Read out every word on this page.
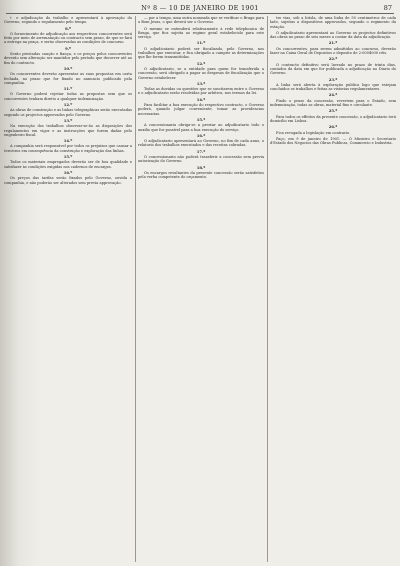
Nº 8 — 10 DE JANEIRO DE 1901	87

† e adjudicação do trabalho e apresentará à aprovação do Governo, segundo o regulamento pelo tempo.

8.º

O fornecimento de adjudicação aos respectivos concorrentes será feito por meio de arrematação ou contracto sem prazo, de que se fará a entrega na praça, e serão observadas as condições de concurso.

9.º

Serão prestadas caução e fiança, e os preços pelos concorrentes deverão sem alteração ser mantidos pelo período que decorrer até ao fim do contracto.

10.º

Os concorrentes deverão apresentar as suas propostas em carta fechada, no prazo que for fixado no annuncio publicado pela companhia.

11.º

O Governo poderá rejeitar todas as propostas sem que os concorrentes tenham direito a qualquer indemnização.

12.º

As obras de construção e as linhas telegraphicas serão executadas segundo os projectos approvados pelo Governo.

13.º

Na execução dos trabalhos observar-se-ão as disposições dos regulamentos em vigor e as instrucções que forem dadas pelo engenheiro fiscal.

14.º

A companhia será responsável por todos os prejuízos que causar a terceiros em consequência da construção e exploração das linhas.

15.º

Todos os materiais empregados deverão ser de boa qualidade e satisfazer às condições exigidas nos cadernos de encargos.

16.º

Os preços das tarifas serão fixados pelo Governo, ouvida a companhia, e não poderão ser alterados sem previa approvação.

— por a tempo, uma outra nomeada que se verificar o Braga para o Bom Jesus, o que deverá ser o Governo.

O mesmo se entenderá relativamente à rede telephonica de Braga, que fica sujeita ao regime geral estabelecido para este serviço.

11.ª

O adjudicatario poderá ser fiscalizado, pelo Governo, nos trabalhos que executar, e fica obrigado a cumprir as determinações que lhe forem transmittidas.

12.ª

O adjudicatario, se a entidade para quem for transferida a concessão, será obrigado a pagar as despesas de fiscalização que o Governo estabelecer.

13.ª

Todas as duvidas ou questões que se suscitarem entre o Governo e o adjudicatario serão resolvidas por arbitros, nos termos da lei.

14.ª

Para facilitar a boa execução do respectivo contracto, o Governo poderá, quando julgar conveniente, tomar as providencias necessarias.

15.ª

A concessionaria obriga-se a prestar ao adjudicatario todo o auxilio que for possível para a boa execução do serviço.

16.ª

O adjudicatario apresentará ao Governo, no fim de cada anno, o relatorio dos trabalhos executados e das receitas cobradas.

17.ª

O concessionario não poderá transferir a concessão sem previa autorização do Governo.

18.ª

Os encargos resultantes da presente concessão serão satisfeitos pela verba competente do orçamento.

tro vias, sob a bitola, de uma linha de 50 centimetros de cada lado, sujeitas a dispositivos approvados, segundo o regimento da estação.

O adjudicatario apresentará ao Governo os projectos definitivos das obras no prazo de seis meses a contar da data da adjudicação.

21.ª

Os concorrentes, para serem admittidos ao concurso, deverão fazer na Caixa Geral de Depositos o deposito de 2:000$000 réis.

22.ª

O contracto definitivo será lavrado no prazo de trinta dias, contados da data em que for publicada a adjudicação no Diario do Governo.

23.ª

A linha será aberta à exploração publica logo que estejam concluidos os trabalhos e feitas as vistorias regulamentares.

24.ª

Findo o prazo da concessão, revertem para o Estado, sem indemnização, todas as obras, material fixo e circulante.

25.ª

Para todos os effeitos da presente concessão, o adjudicatario terá domicilio em Lisboa.

26.ª

Fica revogada a legislação em contrario.

Paço, em 9 de janeiro de 1901. — O Ministro e Secretario d'Estado dos Negocios das Obras Publicas, Commercio e Industria.
